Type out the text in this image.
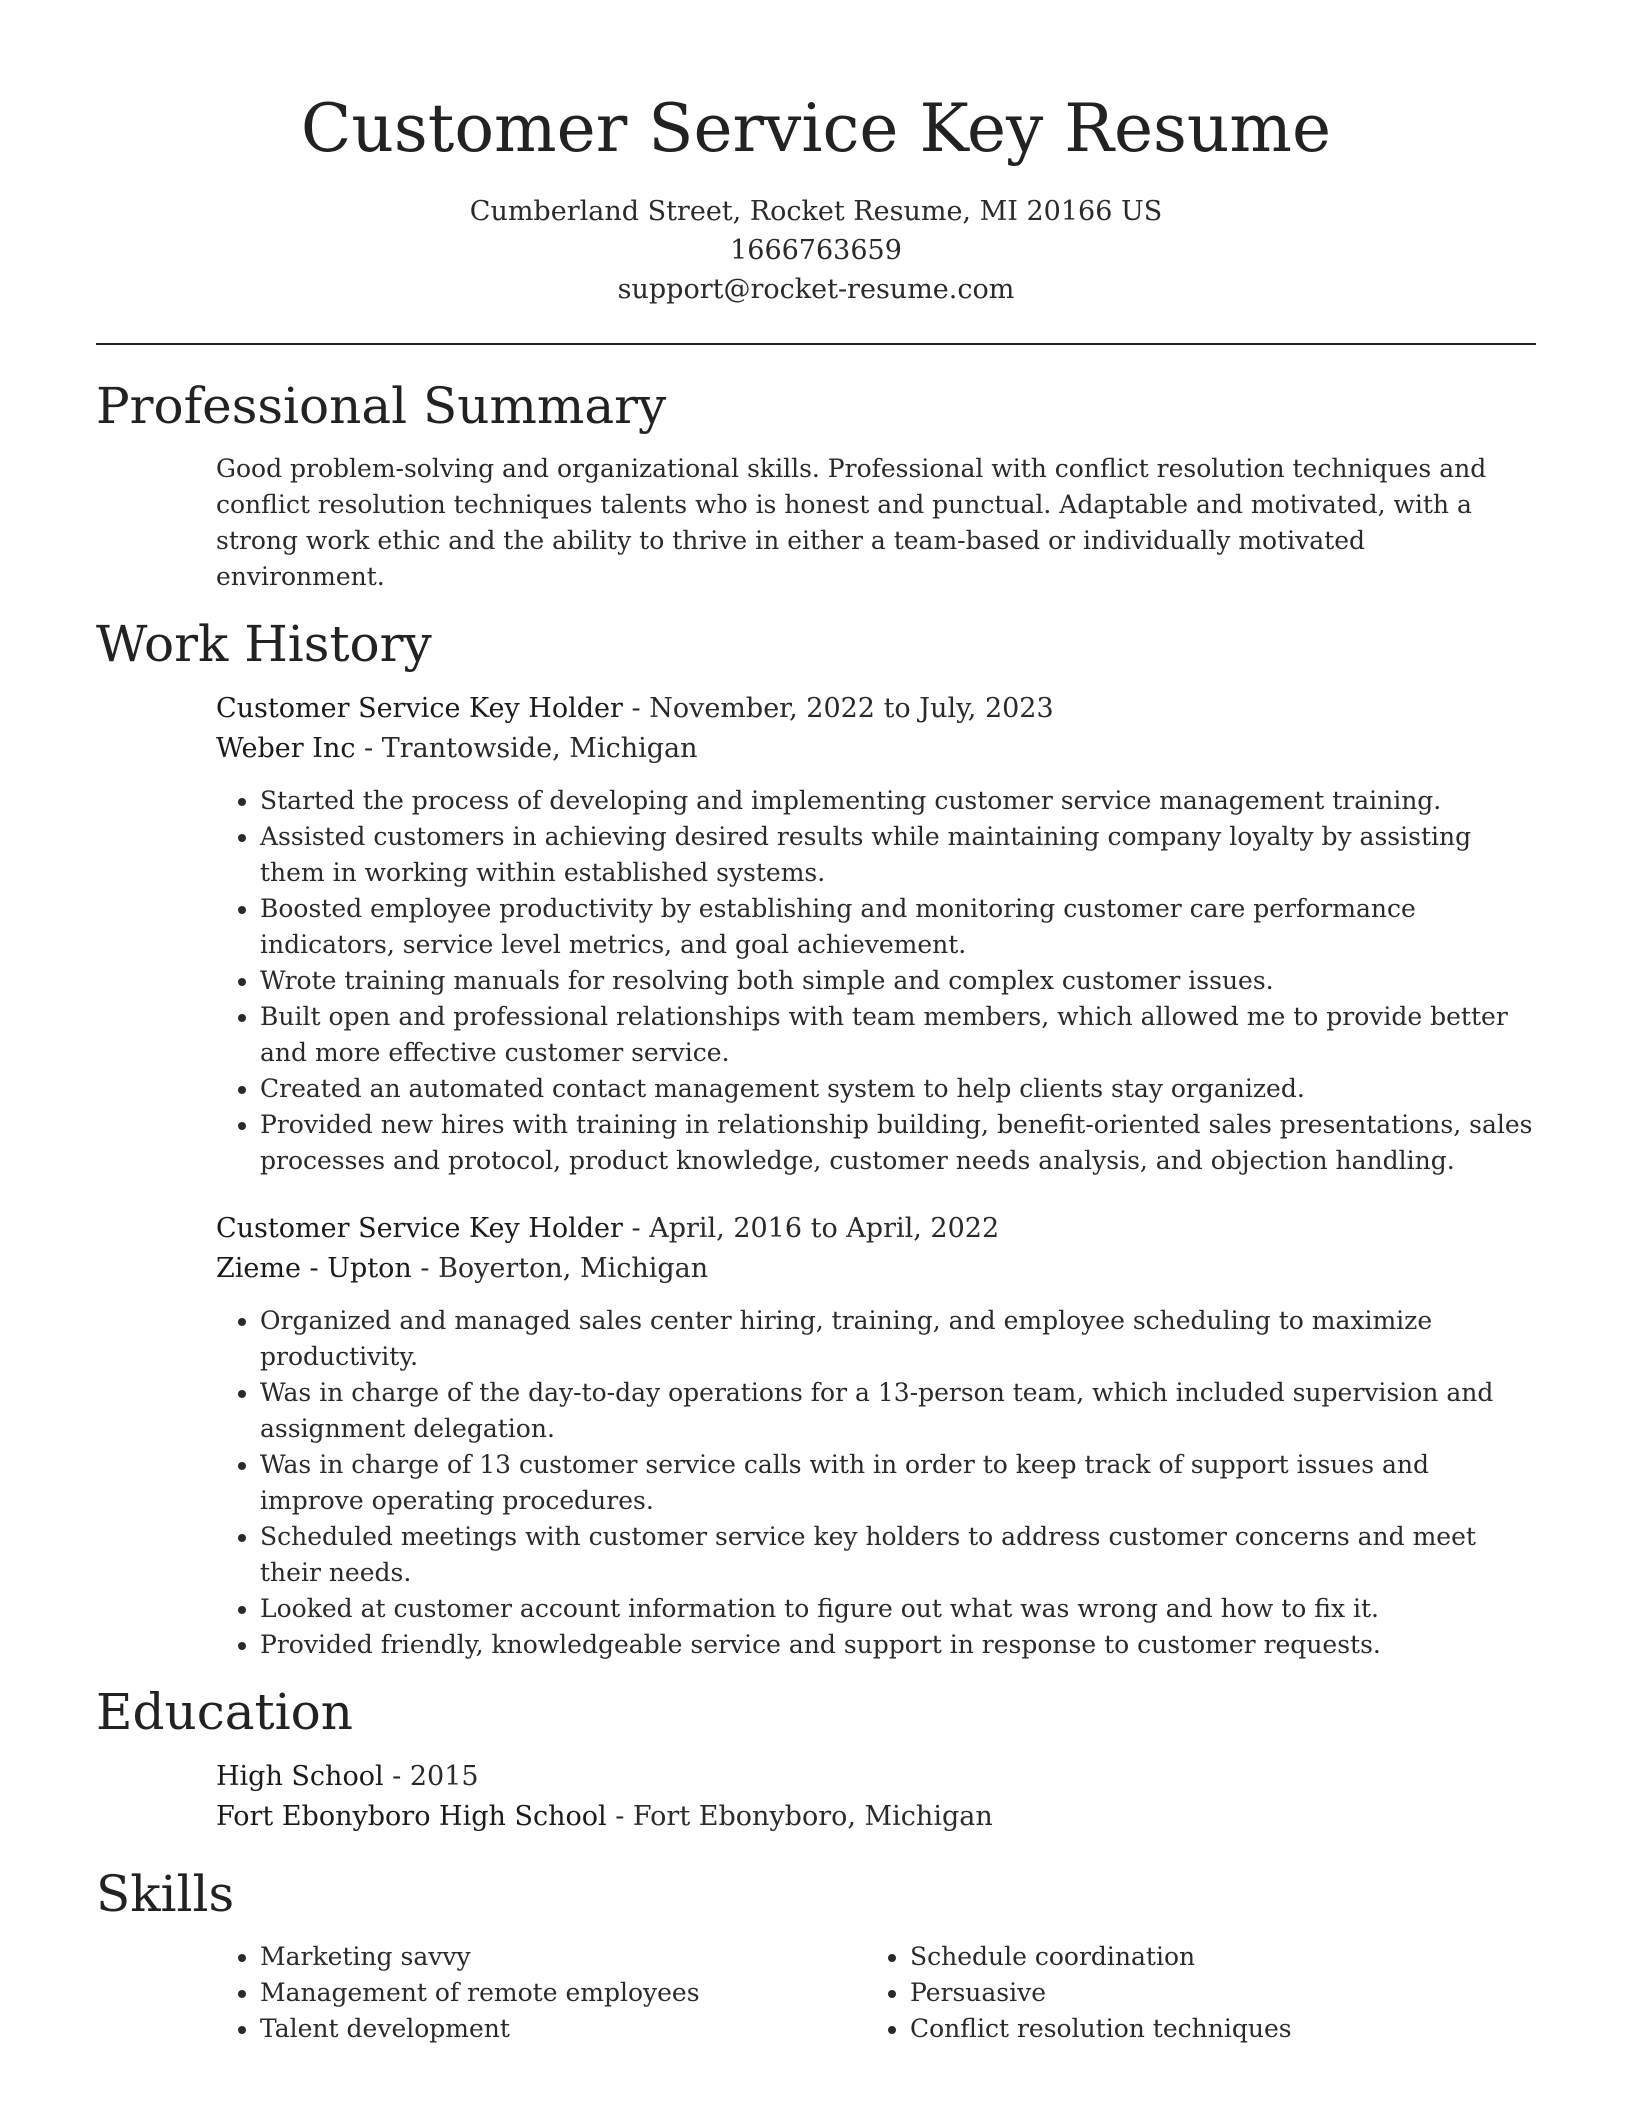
Customer Service Key Resume
Cumberland Street, Rocket Resume, MI 20166 US
1666763659
support@rocket-resume.com
Professional Summary

Good problem-solving and organizational skills. Professional with conflict resolution techniques and conflict resolution techniques talents who is honest and punctual. Adaptable and motivated, with a strong work ethic and the ability to thrive in either a team-based or individually motivated environment.

Work History
Customer Service Key Holder - November, 2022 to July, 2023
Weber Inc - Trantowside, Michigan
• Started the process of developing and implementing customer service management training.
• Assisted customers in achieving desired results while maintaining company loyalty by assisting them in working within established systems.
• Boosted employee productivity by establishing and monitoring customer care performance indicators, service level metrics, and goal achievement.
• Wrote training manuals for resolving both simple and complex customer issues.
• Built open and professional relationships with team members, which allowed me to provide better and more effective customer service.
• Created an automated contact management system to help clients stay organized.
• Provided new hires with training in relationship building, benefit-oriented sales presentations, sales processes and protocol, product knowledge, customer needs analysis, and objection handling.
Customer Service Key Holder - April, 2016 to April, 2022
Zieme - Upton - Boyerton, Michigan
• Organized and managed sales center hiring, training, and employee scheduling to maximize productivity.
• Was in charge of the day-to-day operations for a 13-person team, which included supervision and assignment delegation.
• Was in charge of 13 customer service calls with in order to keep track of support issues and improve operating procedures.
• Scheduled meetings with customer service key holders to address customer concerns and meet their needs.
• Looked at customer account information to figure out what was wrong and how to fix it.
• Provided friendly, knowledgeable service and support in response to customer requests.
Education
High School - 2015
Fort Ebonyboro High School - Fort Ebonyboro, Michigan
Skills
• Marketing savvy
• Management of remote employees
• Talent development
• Schedule coordination
• Persuasive
• Conflict resolution techniques
